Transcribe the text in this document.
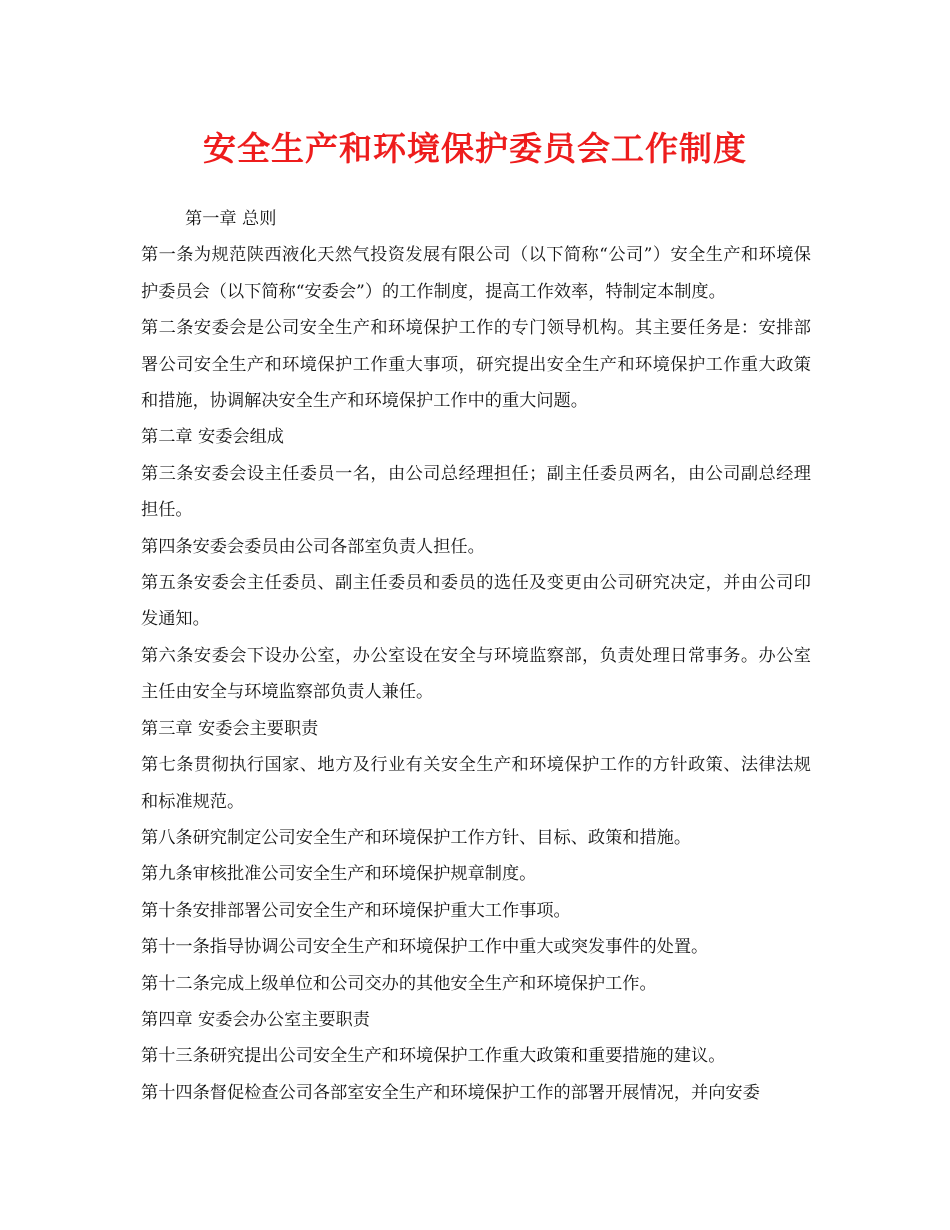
安全生产和环境保护委员会工作制度

第一章 总则

第一条为规范陕西液化天然气投资发展有限公司（以下简称“公司”）安全生产和环境保护委员会（以下简称“安委会”）的工作制度，提高工作效率，特制定本制度。

第二条安委会是公司安全生产和环境保护工作的专门领导机构。其主要任务是：安排部署公司安全生产和环境保护工作重大事项，研究提出安全生产和环境保护工作重大政策和措施，协调解决安全生产和环境保护工作中的重大问题。

第二章 安委会组成

第三条安委会设主任委员一名，由公司总经理担任；副主任委员两名，由公司副总经理担任。

第四条安委会委员由公司各部室负责人担任。

第五条安委会主任委员、副主任委员和委员的选任及变更由公司研究决定，并由公司印发通知。

第六条安委会下设办公室，办公室设在安全与环境监察部，负责处理日常事务。办公室主任由安全与环境监察部负责人兼任。

第三章 安委会主要职责

第七条贯彻执行国家、地方及行业有关安全生产和环境保护工作的方针政策、法律法规和标准规范。

第八条研究制定公司安全生产和环境保护工作方针、目标、政策和措施。

第九条审核批准公司安全生产和环境保护规章制度。

第十条安排部署公司安全生产和环境保护重大工作事项。

第十一条指导协调公司安全生产和环境保护工作中重大或突发事件的处置。

第十二条完成上级单位和公司交办的其他安全生产和环境保护工作。

第四章 安委会办公室主要职责

第十三条研究提出公司安全生产和环境保护工作重大政策和重要措施的建议。

第十四条督促检查公司各部室安全生产和环境保护工作的部署开展情况，并向安委
